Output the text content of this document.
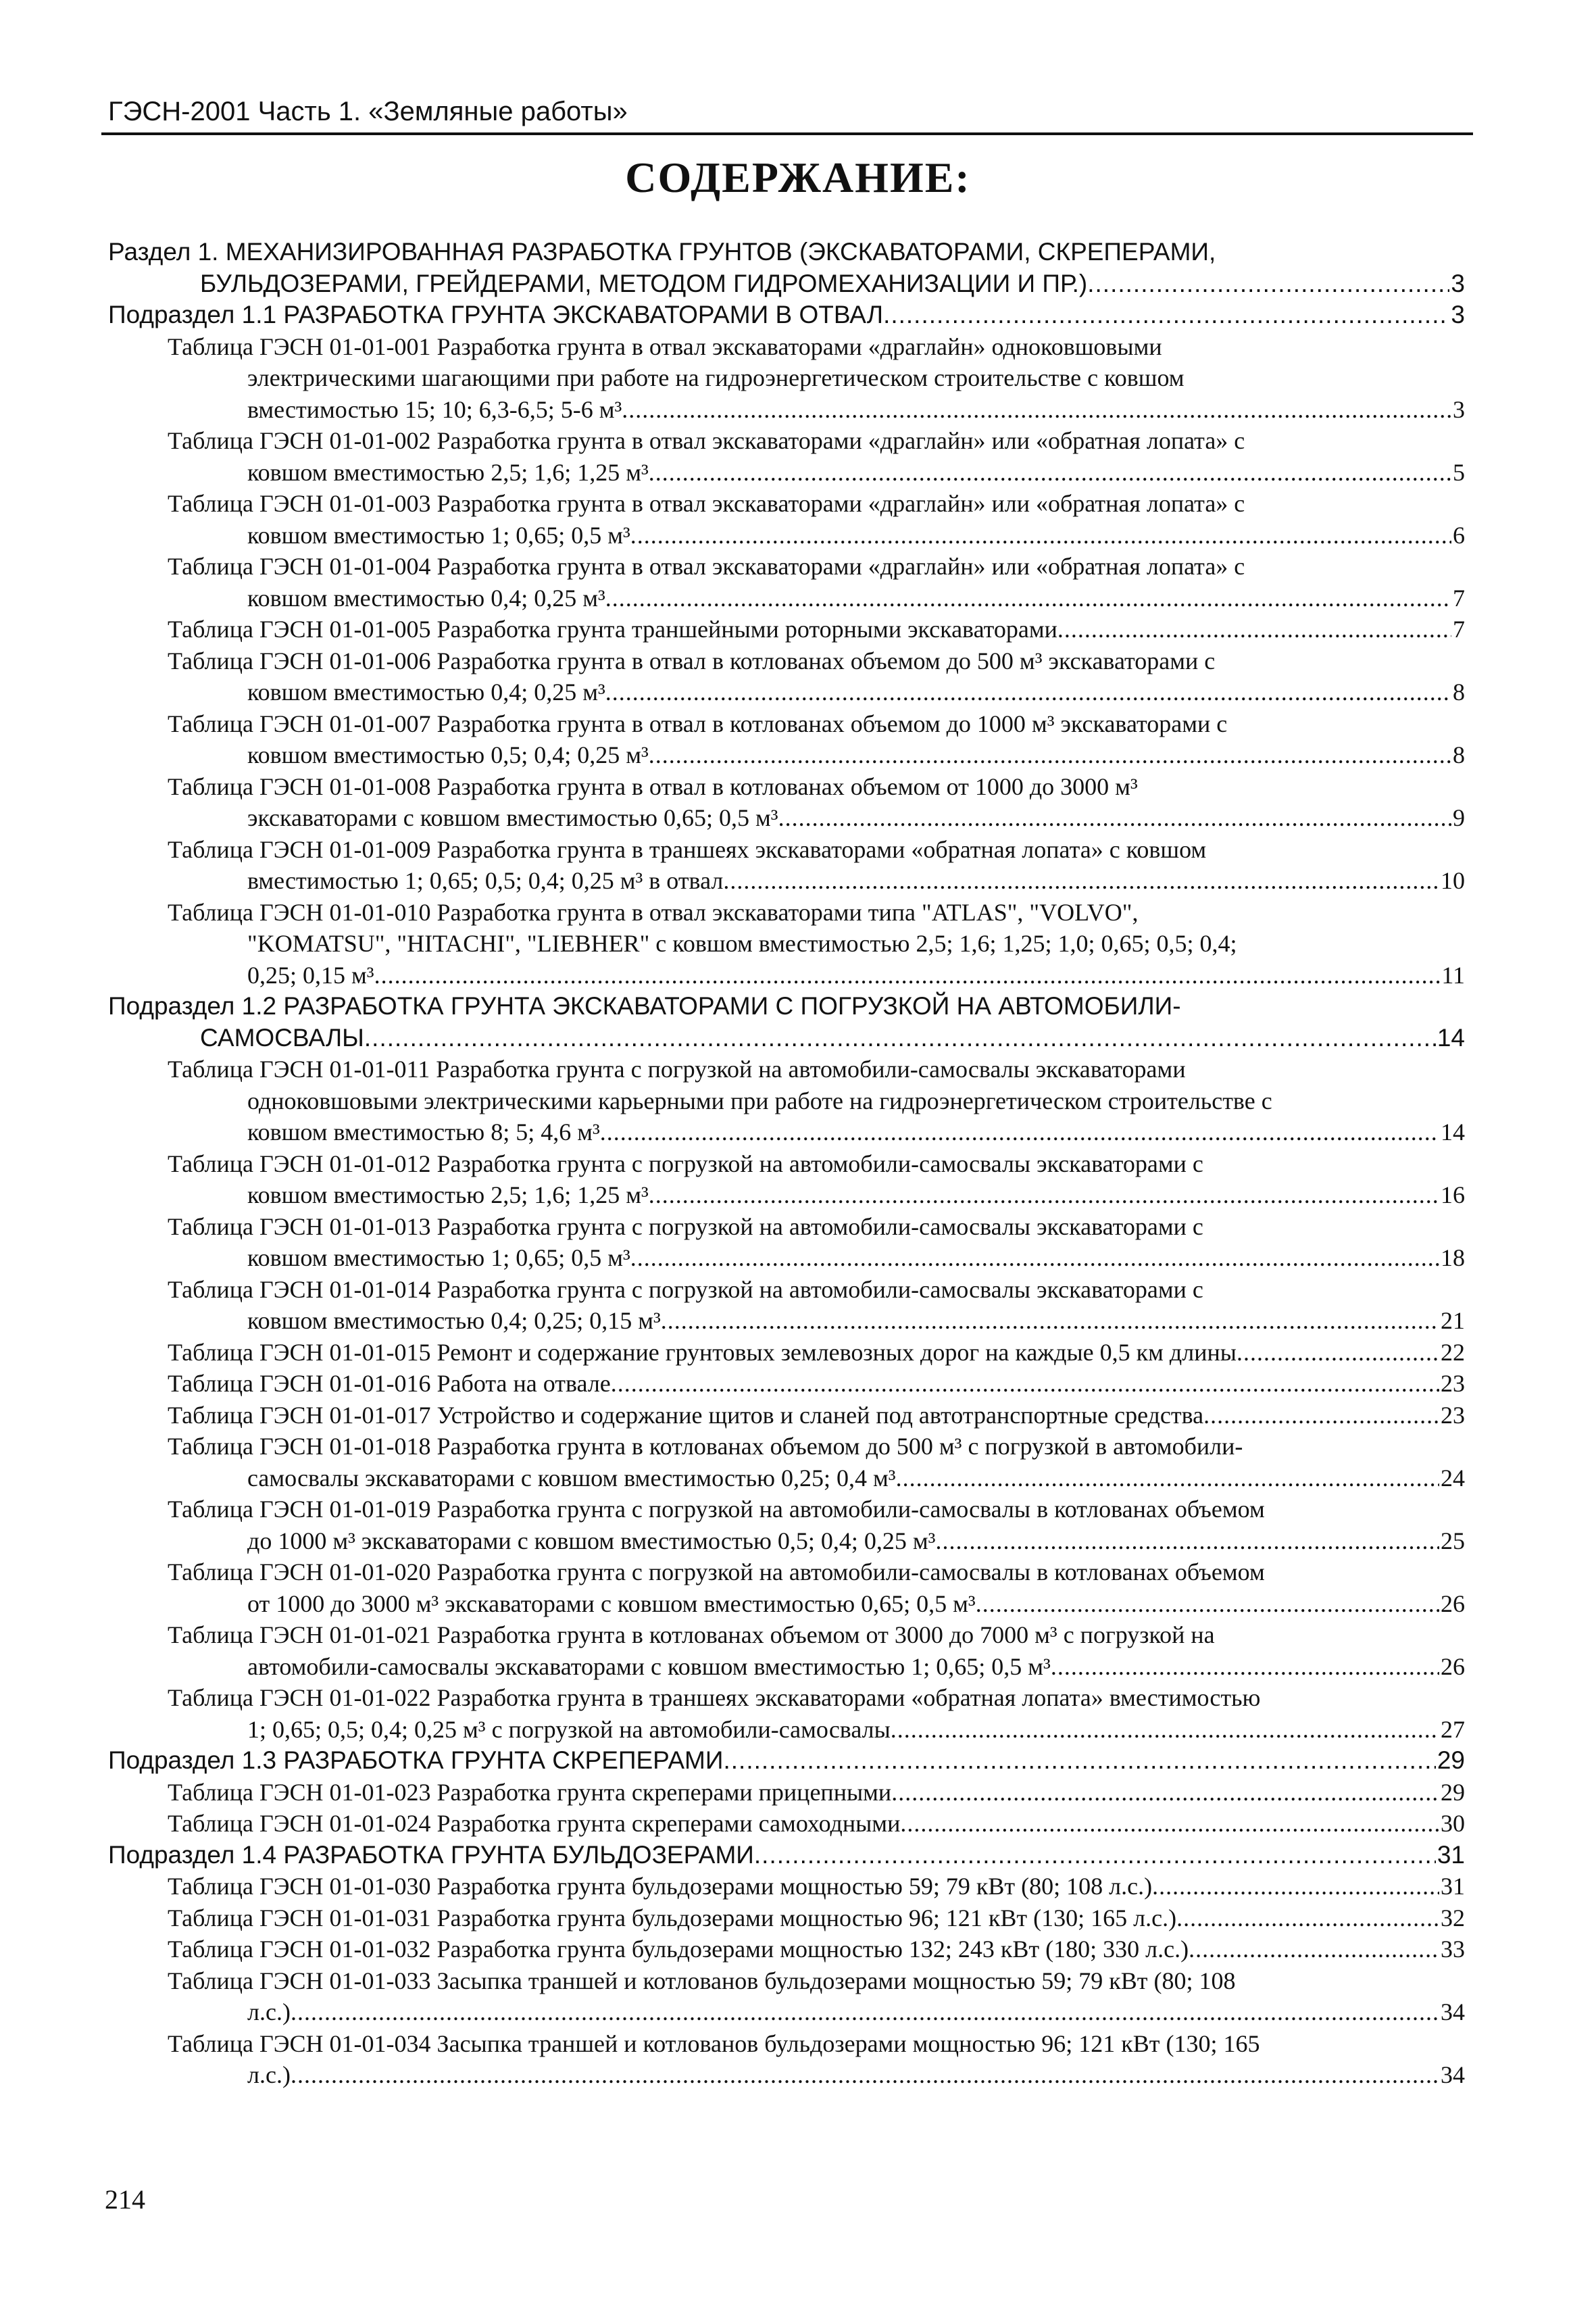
ГЭСН-2001 Часть 1. «Земляные работы»
СОДЕРЖАНИЕ:
Раздел 1. МЕХАНИЗИРОВАННАЯ РАЗРАБОТКА ГРУНТОВ (ЭКСКАВАТОРАМИ, СКРЕПЕРАМИ,
БУЛЬДОЗЕРАМИ, ГРЕЙДЕРАМИ, МЕТОДОМ ГИДРОМЕХАНИЗАЦИИ И ПР.) .....	3
Подраздел 1.1 РАЗРАБОТКА ГРУНТА ЭКСКАВАТОРАМИ В ОТВАЛ .....	3
Таблица ГЭСН 01-01-001 Разработка грунта в отвал экскаваторами «драглайн» одноковшовыми
электрическими шагающими при работе на гидроэнергетическом строительстве с ковшом
вместимостью 15; 10; 6,3-6,5; 5-6 м³ .....	3
Таблица ГЭСН 01-01-002 Разработка грунта в отвал экскаваторами «драглайн» или «обратная лопата» с
ковшом вместимостью 2,5; 1,6; 1,25 м³ .....	5
Таблица ГЭСН 01-01-003 Разработка грунта в отвал экскаваторами «драглайн» или «обратная лопата» с
ковшом вместимостью 1; 0,65; 0,5 м³ .....	6
Таблица ГЭСН 01-01-004 Разработка грунта в отвал экскаваторами «драглайн» или «обратная лопата» с
ковшом вместимостью 0,4; 0,25 м³ .....	7
Таблица ГЭСН 01-01-005 Разработка грунта траншейными роторными экскаваторами .....	7
Таблица ГЭСН 01-01-006 Разработка грунта в отвал в котлованах объемом до 500 м³ экскаваторами с
ковшом вместимостью 0,4; 0,25 м³ .....	8
Таблица ГЭСН 01-01-007 Разработка грунта в отвал в котлованах объемом до 1000 м³ экскаваторами с
ковшом вместимостью 0,5; 0,4; 0,25 м³ .....	8
Таблица ГЭСН 01-01-008 Разработка грунта в отвал в котлованах объемом от 1000 до 3000 м³
экскаваторами с ковшом вместимостью 0,65; 0,5 м³ .....	9
Таблица ГЭСН 01-01-009 Разработка грунта в траншеях экскаваторами «обратная лопата» с ковшом
вместимостью 1; 0,65; 0,5; 0,4; 0,25 м³ в отвал .....	10
Таблица ГЭСН 01-01-010 Разработка грунта в отвал экскаваторами типа "ATLAS", "VOLVO",
"KOMATSU", "HITACHI", "LIEBHER" с ковшом вместимостью 2,5; 1,6; 1,25; 1,0; 0,65; 0,5; 0,4;
0,25; 0,15 м³ .....	11
Подраздел 1.2 РАЗРАБОТКА ГРУНТА ЭКСКАВАТОРАМИ С ПОГРУЗКОЙ НА АВТОМОБИЛИ-
САМОСВАЛЫ .....	14
Таблица ГЭСН 01-01-011 Разработка грунта с погрузкой на автомобили-самосвалы экскаваторами
одноковшовыми электрическими карьерными при работе на гидроэнергетическом строительстве с
ковшом вместимостью 8; 5; 4,6 м³ .....	14
Таблица ГЭСН 01-01-012 Разработка грунта с погрузкой на автомобили-самосвалы экскаваторами с
ковшом вместимостью 2,5; 1,6; 1,25 м³ .....	16
Таблица ГЭСН 01-01-013 Разработка грунта с погрузкой на автомобили-самосвалы экскаваторами с
ковшом вместимостью 1; 0,65; 0,5 м³ .....	18
Таблица ГЭСН 01-01-014 Разработка грунта с погрузкой на автомобили-самосвалы экскаваторами с
ковшом вместимостью 0,4; 0,25; 0,15 м³ .....	21
Таблица ГЭСН 01-01-015 Ремонт и содержание грунтовых землевозных дорог на каждые 0,5 км длины .....	22
Таблица ГЭСН 01-01-016 Работа на отвале .....	23
Таблица ГЭСН 01-01-017 Устройство и содержание щитов и сланей под автотранспортные средства .....	23
Таблица ГЭСН 01-01-018 Разработка грунта в котлованах объемом до 500 м³ с погрузкой в автомобили-
самосвалы экскаваторами с ковшом вместимостью 0,25; 0,4 м³ .....	24
Таблица ГЭСН 01-01-019 Разработка грунта с погрузкой на автомобили-самосвалы в котлованах объемом
до 1000 м³ экскаваторами с ковшом вместимостью 0,5; 0,4; 0,25 м³ .....	25
Таблица ГЭСН 01-01-020 Разработка грунта с погрузкой на автомобили-самосвалы в котлованах объемом
от 1000 до 3000 м³ экскаваторами с ковшом вместимостью 0,65; 0,5 м³ .....	26
Таблица ГЭСН 01-01-021 Разработка грунта в котлованах объемом от 3000 до 7000 м³ с погрузкой на
автомобили-самосвалы экскаваторами с ковшом вместимостью 1; 0,65; 0,5 м³ .....	26
Таблица ГЭСН 01-01-022 Разработка грунта в траншеях экскаваторами «обратная лопата» вместимостью
1; 0,65; 0,5; 0,4; 0,25 м³ с погрузкой на автомобили-самосвалы .....	27
Подраздел 1.3 РАЗРАБОТКА ГРУНТА СКРЕПЕРАМИ .....	29
Таблица ГЭСН 01-01-023 Разработка грунта скреперами прицепными .....	29
Таблица ГЭСН 01-01-024 Разработка грунта скреперами самоходными .....	30
Подраздел 1.4 РАЗРАБОТКА ГРУНТА БУЛЬДОЗЕРАМИ .....	31
Таблица ГЭСН 01-01-030 Разработка грунта бульдозерами мощностью 59; 79 кВт (80; 108 л.с.) .....	31
Таблица ГЭСН 01-01-031 Разработка грунта бульдозерами мощностью 96; 121 кВт (130; 165 л.с.) .....	32
Таблица ГЭСН 01-01-032 Разработка грунта бульдозерами мощностью 132; 243 кВт (180; 330 л.с.) .....	33
Таблица ГЭСН 01-01-033 Засыпка траншей и котлованов бульдозерами мощностью 59; 79 кВт (80; 108
л.с.) .....	34
Таблица ГЭСН 01-01-034 Засыпка траншей и котлованов бульдозерами мощностью 96; 121 кВт (130; 165
л.с.) .....	34
214
